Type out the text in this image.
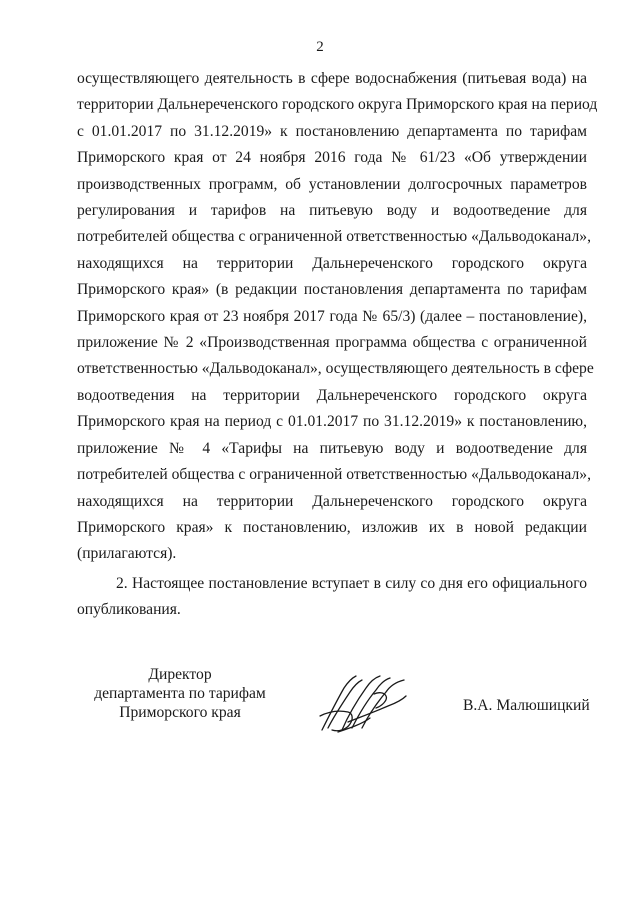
2

осуществляющего деятельность в сфере водоснабжения (питьевая вода) на

территории Дальнереченского городского округа Приморского края на период

с 01.01.2017 по 31.12.2019» к постановлению департамента по тарифам

Приморского края от 24 ноября 2016 года № 61/23 «Об утверждении

производственных программ, об установлении долгосрочных параметров

регулирования и тарифов на питьевую воду и водоотведение для

потребителей общества с ограниченной ответственностью «Дальводоканал»,

находящихся на территории Дальнереченского городского округа

Приморского края» (в редакции постановления департамента по тарифам

Приморского края от 23 ноября 2017 года № 65/3) (далее – постановление),

приложение № 2 «Производственная программа общества с ограниченной

ответственностью «Дальводоканал», осуществляющего деятельность в сфере

водоотведения на территории Дальнереченского городского округа

Приморского края на период с 01.01.2017 по 31.12.2019» к постановлению,

приложение № 4 «Тарифы на питьевую воду и водоотведение для

потребителей общества с ограниченной ответственностью «Дальводоканал»,

находящихся на территории Дальнереченского городского округа

Приморского края» к постановлению, изложив их в новой редакции

(прилагаются).

2. Настоящее постановление вступает в силу со дня его официального

опубликования.

Директор
департамента по тарифам
Приморского края	В.А. Малюшицкий
